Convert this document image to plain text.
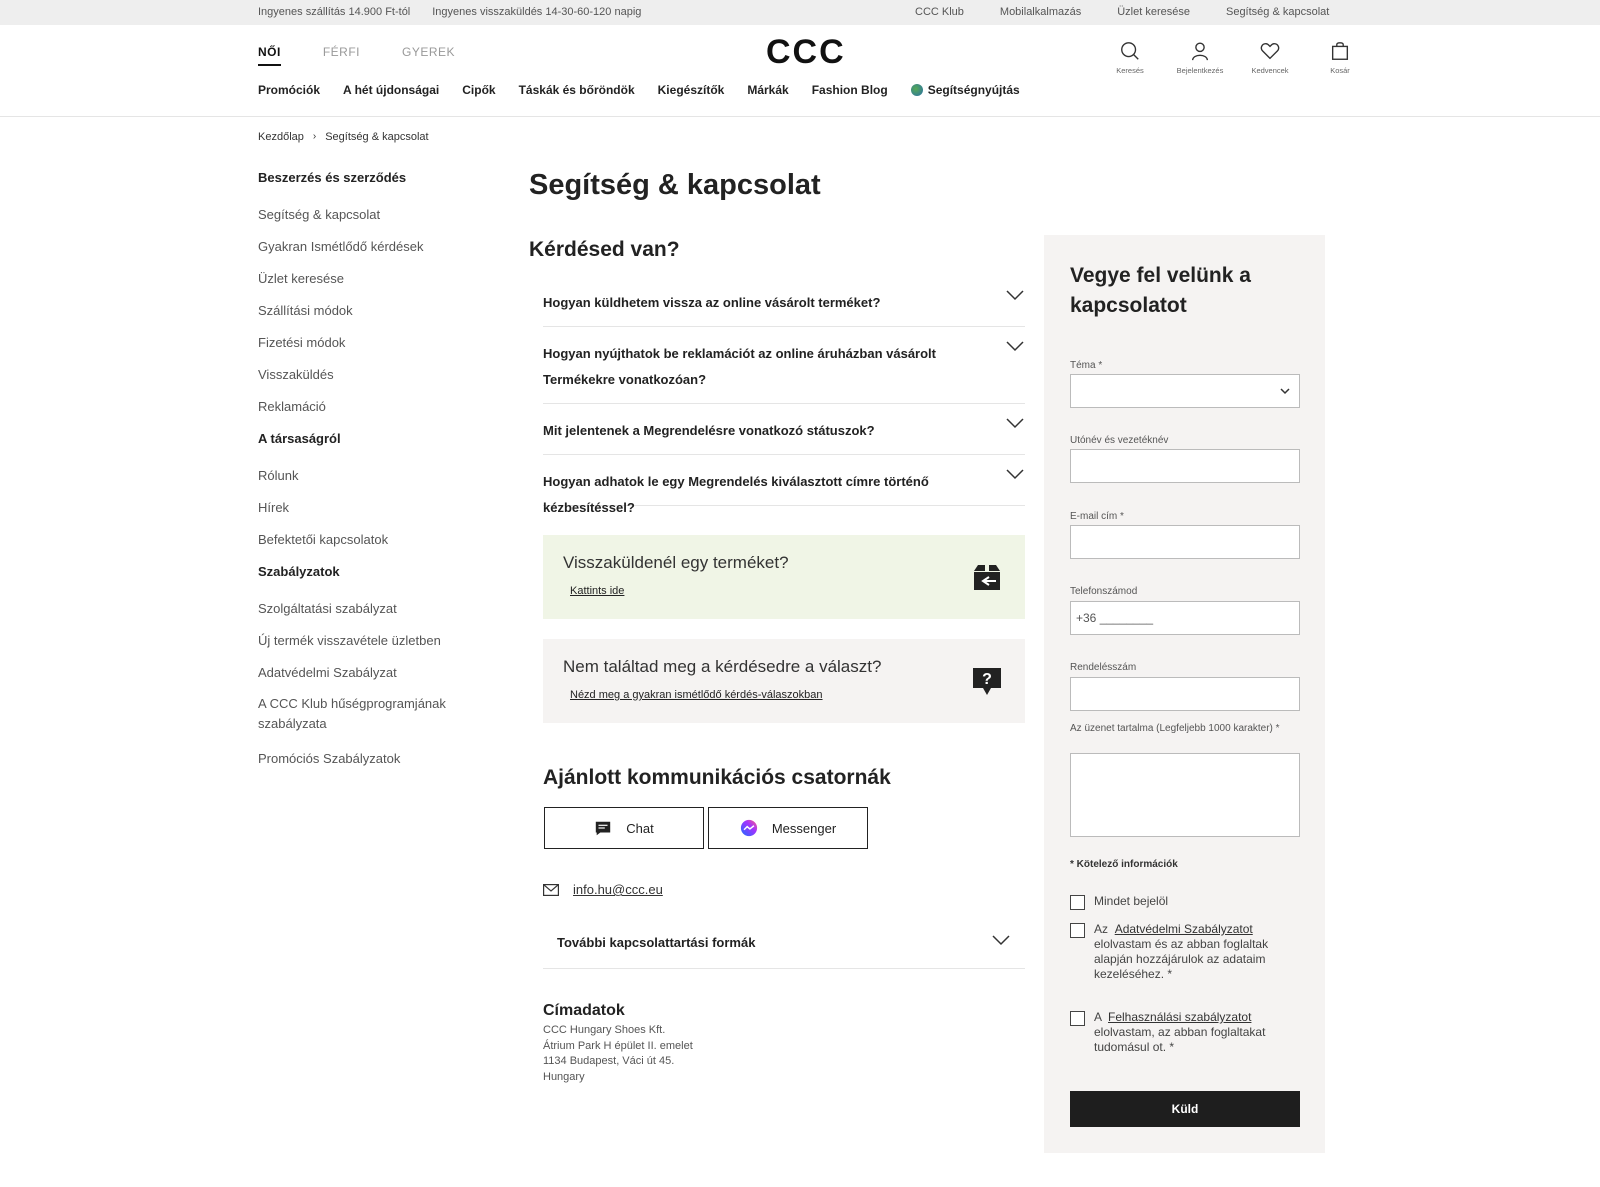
Ingyenes szállítás 14.900 Ft-tól Ingyenes visszaküldés 14-30-60-120 napig	CCC Klub	Mobilalkalmazás	Üzlet keresése	Segítség & kapcsolat
NŐI	FÉRFI	GYEREK	CCC	Keresés	Bejelentkezés	Kedvencek	Kosár
Promóciók A hét újdonságai Cipők Táskák és bőröndök Kiegészítők Márkák Fashion Blog	Segítségnyújtás
Kezdőlap › Segítség & kapcsolat
Beszerzés és szerződés
Segítség & kapcsolat
Gyakran Ismétlődő kérdések
Üzlet keresése
Szállítási módok
Fizetési módok
Visszaküldés
Reklamáció
A társaságról
Rólunk
Hírek
Befektetői kapcsolatok
Szabályzatok
Szolgáltatási szabályzat
Új termék visszavétele üzletben
Adatvédelmi Szabályzat
A CCC Klub hűségprogramjának szabályzata
Promóciós Szabályzatok
Segítség & kapcsolat
Kérdésed van?
Hogyan küldhetem vissza az online vásárolt terméket?
Hogyan nyújthatok be reklamációt az online áruházban vásárolt Termékekre vonatkozóan?
Mit jelentenek a Megrendelésre vonatkozó státuszok?
Hogyan adhatok le egy Megrendelés kiválasztott címre történő kézbesítéssel?
Visszaküldenél egy terméket?
Kattints ide
Nem találtad meg a kérdésedre a választ?
Nézd meg a gyakran ismétlődő kérdés-válaszokban
?
Ajánlott kommunikációs csatornák
Chat	Messenger
info.hu@ccc.eu
További kapcsolattartási formák
Címadatok
CCC Hungary Shoes Kft.
Átrium Park H épület II. emelet
1134 Budapest, Váci út 45.
Hungary
Vegye fel velünk a kapcsolatot
Téma *
Utónév és vezetéknév
E-mail cím *
Telefonszámod
+36 ________
Rendelésszám
Az üzenet tartalma (Legfeljebb 1000 karakter) *
* Kötelező információk
Mindet bejelöl
Az Adatvédelmi Szabályzatot   elolvastam és az abban foglaltak alapján hozzájárulok az adataim kezeléséhez. *
A Felhasználási szabályzatot   elolvastam, az abban foglaltakat tudomásul ot. *
Küld
